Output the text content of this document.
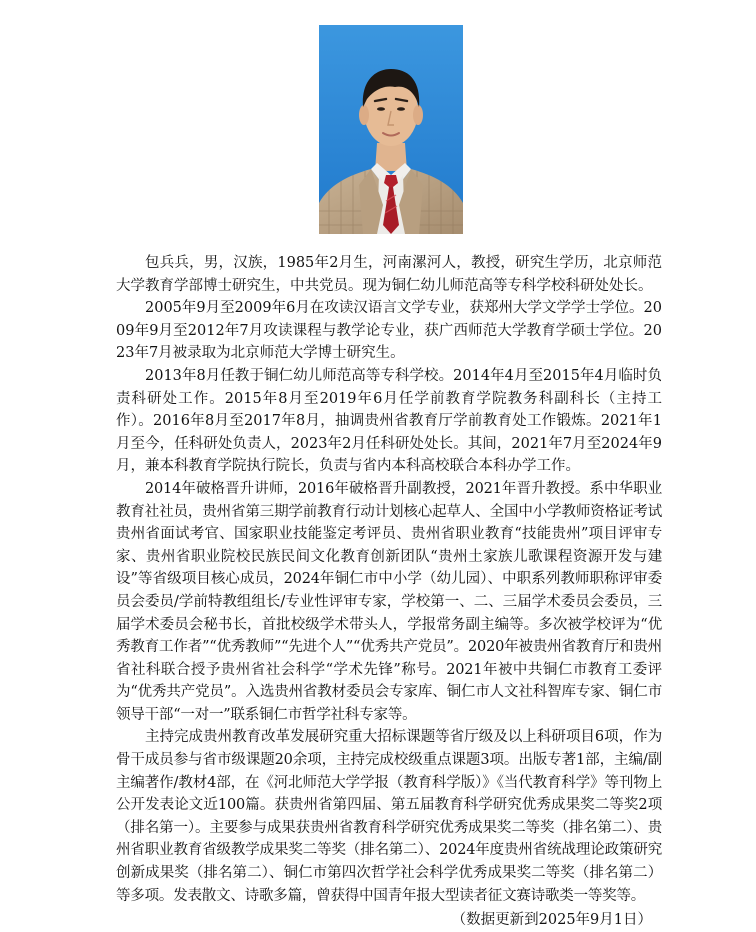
包兵兵，男，汉族，1985年2月生，河南漯河人，教授，研究生学历，北京师范大学教育学部博士研究生，中共党员。现为铜仁幼儿师范高等专科学校科研处处长。

2005年9月至2009年6月在攻读汉语言文学专业，获郑州大学文学学士学位。2009年9月至2012年7月攻读课程与教学论专业，获广西师范大学教育学硕士学位。2023年7月被录取为北京师范大学博士研究生。

2013年8月任教于铜仁幼儿师范高等专科学校。2014年4月至2015年4月临时负责科研处工作。2015年8月至2019年6月任学前教育学院教务科副科长（主持工作）。2016年8月至2017年8月，抽调贵州省教育厅学前教育处工作锻炼。2021年1月至今，任科研处负责人，2023年2月任科研处处长。其间，2021年7月至2024年9月，兼本科教育学院执行院长，负责与省内本科高校联合本科办学工作。

2014年破格晋升讲师，2016年破格晋升副教授，2021年晋升教授。系中华职业教育社社员，贵州省第三期学前教育行动计划核心起草人、全国中小学教师资格证考试贵州省面试考官、国家职业技能鉴定考评员、贵州省职业教育“技能贵州”项目评审专家、贵州省职业院校民族民间文化教育创新团队“贵州土家族儿歌课程资源开发与建设”等省级项目核心成员，2024年铜仁市中小学（幼儿园）、中职系列教师职称评审委员会委员/学前特教组组长/专业性评审专家，学校第一、二、三届学术委员会委员，三届学术委员会秘书长，首批校级学术带头人，学报常务副主编等。多次被学校评为“优秀教育工作者”“优秀教师”“先进个人”“优秀共产党员”。2020年被贵州省教育厅和贵州省社科联合授予贵州省社会科学“学术先锋”称号。2021年被中共铜仁市教育工委评为“优秀共产党员”。入选贵州省教材委员会专家库、铜仁市人文社科智库专家、铜仁市领导干部“一对一”联系铜仁市哲学社科专家等。

主持完成贵州教育改革发展研究重大招标课题等省厅级及以上科研项目6项，作为骨干成员参与省市级课题20余项，主持完成校级重点课题3项。出版专著1部，主编/副主编著作/教材4部，在《河北师范大学学报（教育科学版）》《当代教育科学》等刊物上公开发表论文近100篇。获贵州省第四届、第五届教育科学研究优秀成果奖二等奖2项（排名第一）。主要参与成果获贵州省教育科学研究优秀成果奖二等奖（排名第二）、贵州省职业教育省级教学成果奖二等奖（排名第二）、2024年度贵州省统战理论政策研究创新成果奖（排名第二）、铜仁市第四次哲学社会科学优秀成果奖二等奖（排名第二）等多项。发表散文、诗歌多篇，曾获得中国青年报大型读者征文赛诗歌类一等奖等。

（数据更新到2025年9月1日）
